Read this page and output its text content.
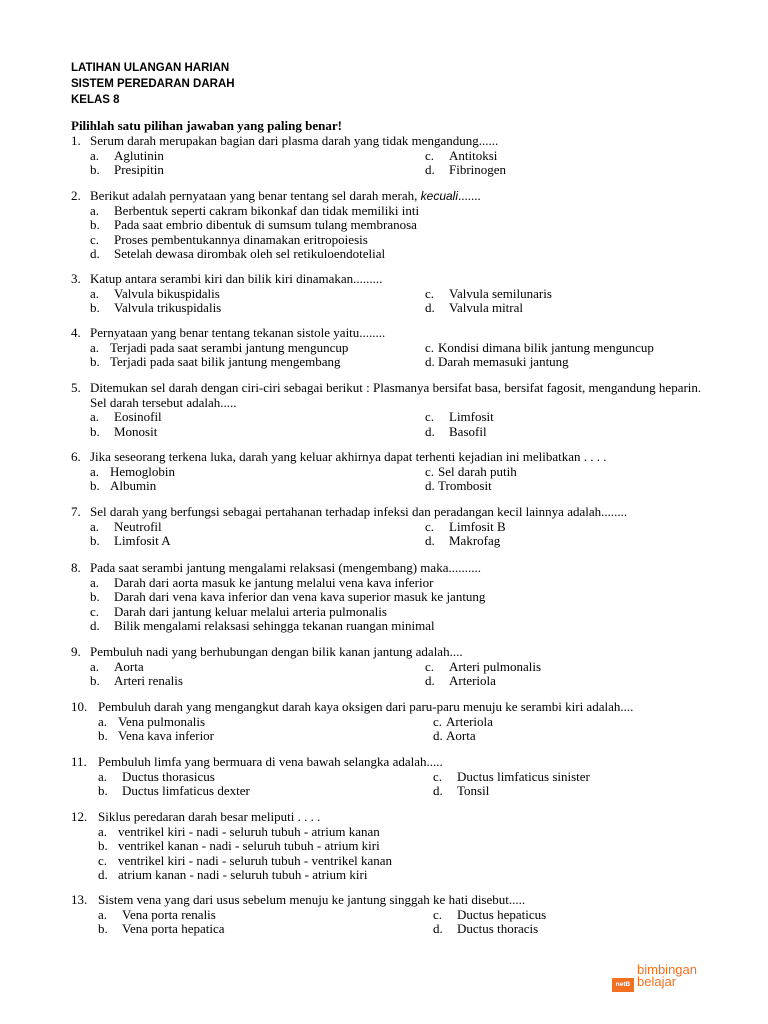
LATIHAN ULANGAN HARIAN
SISTEM PEREDARAN DARAH
KELAS 8
Pilihlah satu pilihan jawaban yang paling benar!
1. Serum darah merupakan bagian dari plasma darah yang tidak mengandung......
a.	Aglutinin	c.	Antitoksi
b.	Presipitin	d.	Fibrinogen
2. Berikut adalah pernyataan yang benar tentang sel darah merah, kecuali.......
a.	Berbentuk seperti cakram bikonkaf dan tidak memiliki inti
b.	Pada saat embrio dibentuk di sumsum tulang membranosa
c.	Proses pembentukannya dinamakan eritropoiesis
d.	Setelah dewasa dirombak oleh sel retikuloendotelial
3. Katup antara serambi kiri dan bilik kiri dinamakan.........
a.	Valvula bikuspidalis	c.	Valvula semilunaris
b.	Valvula trikuspidalis	d.	Valvula mitral
4. Pernyataan yang benar tentang tekanan sistole yaitu........
a. Terjadi pada saat serambi jantung menguncup	c. Kondisi dimana bilik jantung menguncup
b. Terjadi pada saat bilik jantung mengembang	d. Darah memasuki jantung
5. Ditemukan sel darah dengan ciri-ciri sebagai berikut : Plasmanya bersifat basa, bersifat fagosit, mengandung heparin. Sel darah tersebut adalah.....
a.	Eosinofil	c.	Limfosit
b.	Monosit	d.	Basofil
6. Jika seseorang terkena luka, darah yang keluar akhirnya dapat terhenti kejadian ini melibatkan . . . .
a. Hemoglobin	c. Sel darah putih
b. Albumin	d. Trombosit
7. Sel darah yang berfungsi sebagai pertahanan terhadap infeksi dan peradangan kecil lainnya adalah........
a.	Neutrofil	c.	Limfosit B
b.	Limfosit A	d.	Makrofag
8. Pada saat serambi jantung mengalami relaksasi (mengembang) maka..........
a.	Darah dari aorta masuk ke jantung melalui vena kava inferior
b.	Darah dari vena kava inferior dan vena kava superior masuk ke jantung
c.	Darah dari jantung keluar melalui arteria pulmonalis
d.	Bilik mengalami relaksasi sehingga tekanan ruangan minimal
9. Pembuluh nadi yang berhubungan dengan bilik kanan jantung adalah....
a.	Aorta	c.	Arteri pulmonalis
b.	Arteri renalis	d.	Arteriola
10. Pembuluh darah yang mengangkut darah kaya oksigen dari paru-paru menuju ke serambi kiri adalah....
a. Vena pulmonalis	c. Arteriola
b. Vena kava inferior	d. Aorta
11. Pembuluh limfa yang bermuara di vena bawah selangka adalah.....
a.	Ductus thorasicus	c.	Ductus limfaticus sinister
b.	Ductus limfaticus dexter	d.	Tonsil
12. Siklus peredaran darah besar meliputi . . . .
a. ventrikel kiri - nadi - seluruh tubuh - atrium kanan
b. ventrikel kanan - nadi - seluruh tubuh - atrium kiri
c. ventrikel kiri - nadi - seluruh tubuh - ventrikel kanan
d. atrium kanan - nadi - seluruh tubuh - atrium kiri
13. Sistem vena yang dari usus sebelum menuju ke jantung singgah ke hati disebut.....
a.	Vena porta renalis	c.	Ductus hepaticus
b.	Vena porta hepatica	d.	Ductus thoracis
netB
bimbingan
belajar
